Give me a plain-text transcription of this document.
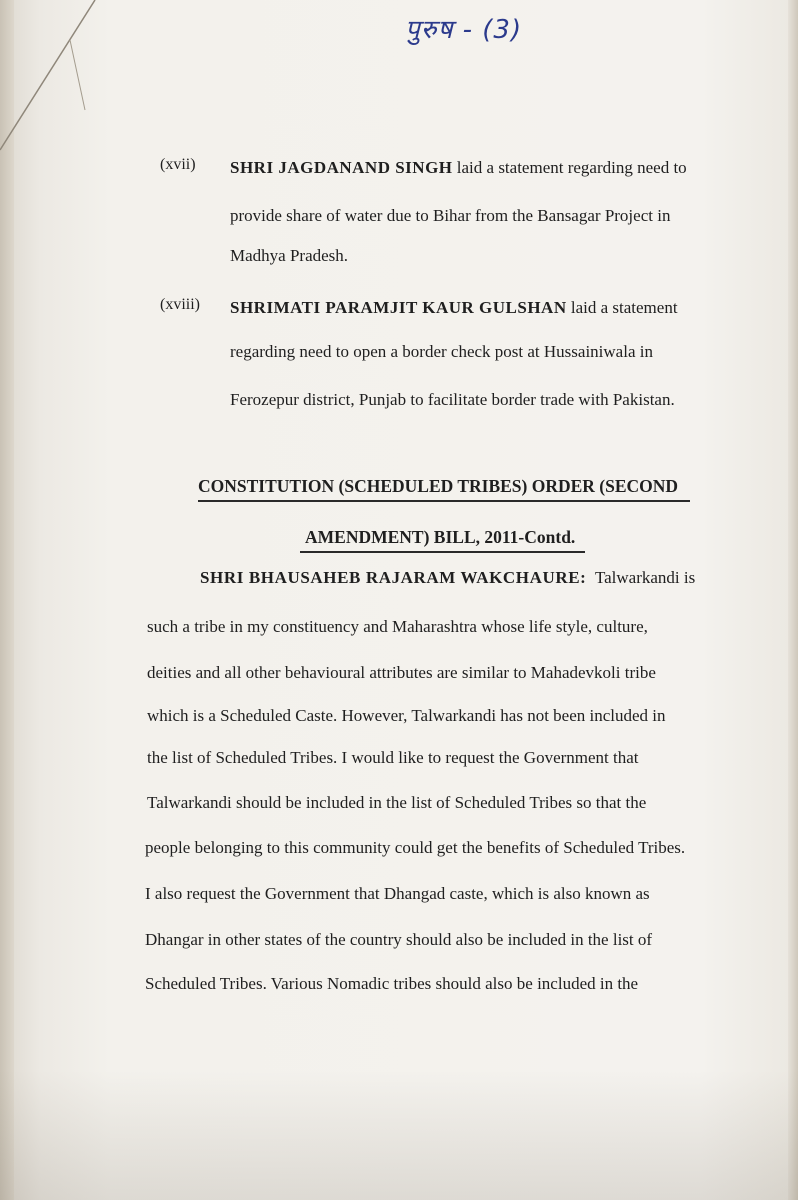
पुरुष - (3)
(xvii) SHRI JAGDANAND SINGH laid a statement regarding need to
provide share of water due to Bihar from the Bansagar Project in
Madhya Pradesh.
(xviii) SHRIMATI PARAMJIT KAUR GULSHAN laid a statement
regarding need to open a border check post at Hussainiwala in
Ferozepur district, Punjab to facilitate border trade with Pakistan.
CONSTITUTION (SCHEDULED TRIBES) ORDER (SECOND
AMENDMENT) BILL, 2011-Contd.
SHRI BHAUSAHEB RAJARAM WAKCHAURE: Talwarkandi is
such a tribe in my constituency and Maharashtra whose life style, culture,
deities and all other behavioural attributes are similar to Mahadevkoli tribe
which is a Scheduled Caste. However, Talwarkandi has not been included in
the list of Scheduled Tribes. I would like to request the Government that
Talwarkandi should be included in the list of Scheduled Tribes so that the
people belonging to this community could get the benefits of Scheduled Tribes.
I also request the Government that Dhangad caste, which is also known as
Dhangar in other states of the country should also be included in the list of
Scheduled Tribes. Various Nomadic tribes should also be included in the
